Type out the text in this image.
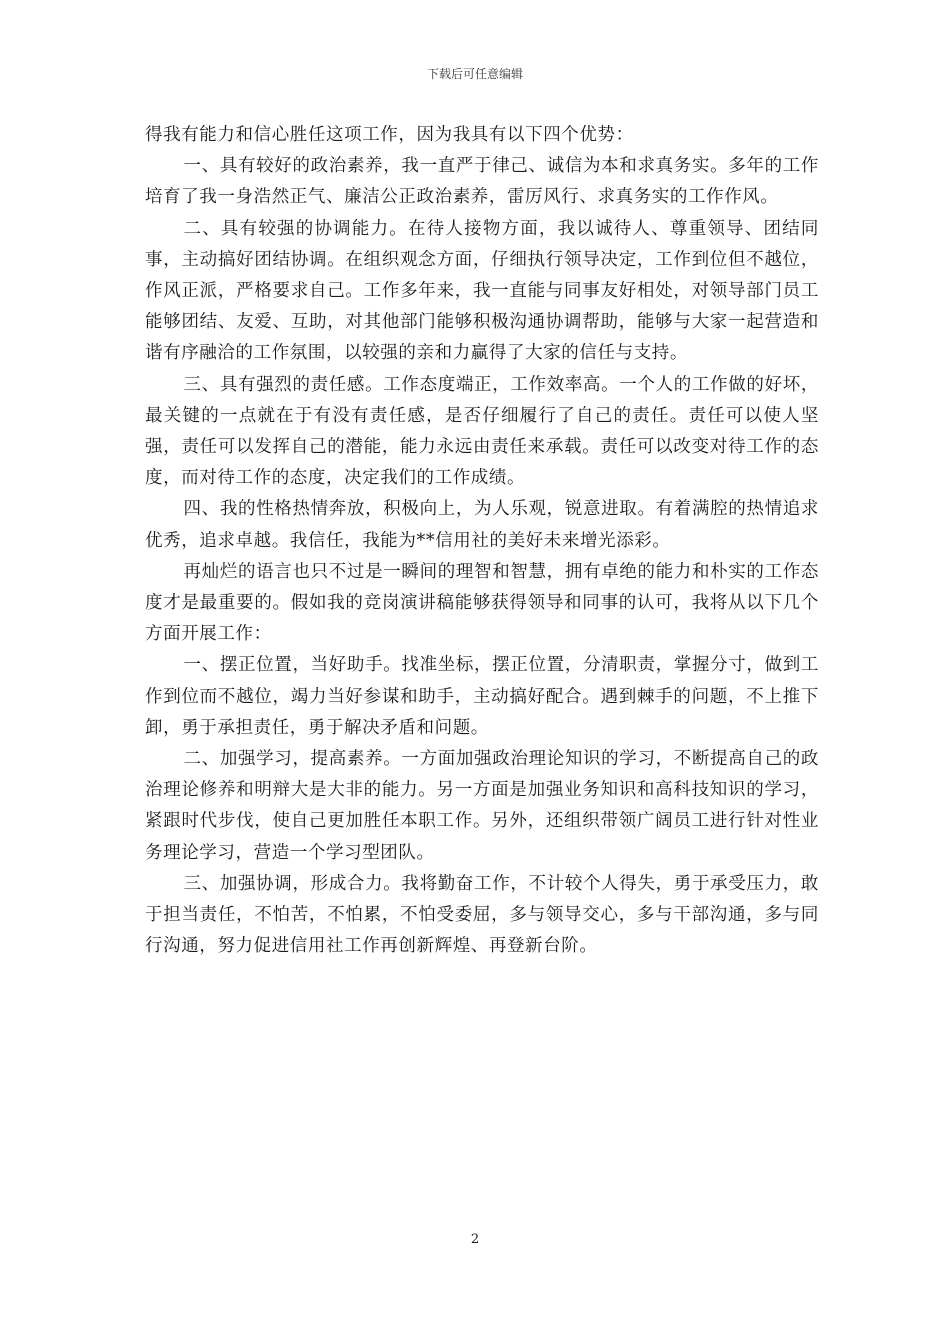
下载后可任意编辑

得我有能力和信心胜任这项工作，因为我具有以下四个优势：

一、具有较好的政治素养，我一直严于律己、诚信为本和求真务实。多年的工作培育了我一身浩然正气、廉洁公正政治素养，雷厉风行、求真务实的工作作风。

二、具有较强的协调能力。在待人接物方面，我以诚待人、尊重领导、团结同事，主动搞好团结协调。在组织观念方面，仔细执行领导决定，工作到位但不越位，作风正派，严格要求自己。工作多年来，我一直能与同事友好相处，对领导部门员工能够团结、友爱、互助，对其他部门能够积极沟通协调帮助，能够与大家一起营造和谐有序融洽的工作氛围，以较强的亲和力赢得了大家的信任与支持。

三、具有强烈的责任感。工作态度端正，工作效率高。一个人的工作做的好坏，最关键的一点就在于有没有责任感，是否仔细履行了自己的责任。责任可以使人坚强，责任可以发挥自己的潜能，能力永远由责任来承载。责任可以改变对待工作的态度，而对待工作的态度，决定我们的工作成绩。

四、我的性格热情奔放，积极向上，为人乐观，锐意进取。有着满腔的热情追求优秀，追求卓越。我信任，我能为**信用社的美好未来增光添彩。

再灿烂的语言也只不过是一瞬间的理智和智慧，拥有卓绝的能力和朴实的工作态度才是最重要的。假如我的竞岗演讲稿能够获得领导和同事的认可，我将从以下几个方面开展工作：

一、摆正位置，当好助手。找准坐标，摆正位置，分清职责，掌握分寸，做到工作到位而不越位，竭力当好参谋和助手，主动搞好配合。遇到棘手的问题，不上推下卸，勇于承担责任，勇于解决矛盾和问题。

二、加强学习，提高素养。一方面加强政治理论知识的学习，不断提高自己的政治理论修养和明辩大是大非的能力。另一方面是加强业务知识和高科技知识的学习，紧跟时代步伐，使自己更加胜任本职工作。另外，还组织带领广阔员工进行针对性业务理论学习，营造一个学习型团队。

三、加强协调，形成合力。我将勤奋工作，不计较个人得失，勇于承受压力，敢于担当责任，不怕苦，不怕累，不怕受委屈，多与领导交心，多与干部沟通，多与同行沟通，努力促进信用社工作再创新辉煌、再登新台阶。

2
